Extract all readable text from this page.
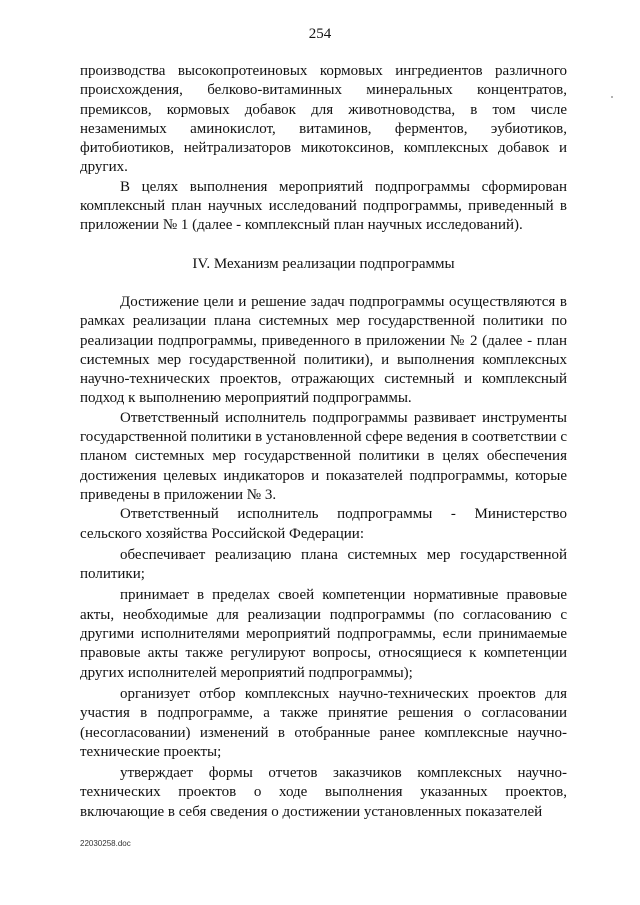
254

производства высокопротеиновых кормовых ингредиентов различного происхождения, белково-витаминных минеральных концентратов, премиксов, кормовых добавок для животноводства, в том числе незаменимых аминокислот, витаминов, ферментов, эубиотиков, фитобиотиков, нейтрализаторов микотоксинов, комплексных добавок и других.

В целях выполнения мероприятий подпрограммы сформирован комплексный план научных исследований подпрограммы, приведенный в приложении № 1 (далее - комплексный план научных исследований).

IV. Механизм реализации подпрограммы

Достижение цели и решение задач подпрограммы осуществляются в рамках реализации плана системных мер государственной политики по реализации подпрограммы, приведенного в приложении № 2 (далее - план системных мер государственной политики), и выполнения комплексных научно-технических проектов, отражающих системный и комплексный подход к выполнению мероприятий подпрограммы.

Ответственный исполнитель подпрограммы развивает инструменты государственной политики в установленной сфере ведения в соответствии с планом системных мер государственной политики в целях обеспечения достижения целевых индикаторов и показателей подпрограммы, которые приведены в приложении № 3.

Ответственный исполнитель подпрограммы - Министерство сельского хозяйства Российской Федерации:

обеспечивает реализацию плана системных мер государственной политики;

принимает в пределах своей компетенции нормативные правовые акты, необходимые для реализации подпрограммы (по согласованию с другими исполнителями мероприятий подпрограммы, если принимаемые правовые акты также регулируют вопросы, относящиеся к компетенции других исполнителей мероприятий подпрограммы);

организует отбор комплексных научно-технических проектов для участия в подпрограмме, а также принятие решения о согласовании (несогласовании) изменений в отобранные ранее комплексные научно-технические проекты;

утверждает формы отчетов заказчиков комплексных научно-технических проектов о ходе выполнения указанных проектов, включающие в себя сведения о достижении установленных показателей

22030258.doc
